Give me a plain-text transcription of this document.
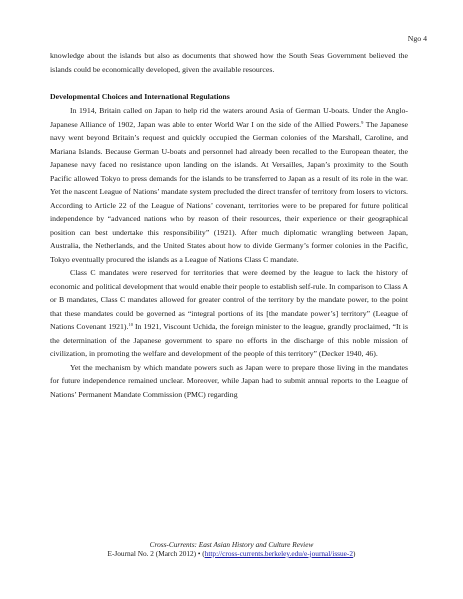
Ngo 4

knowledge about the islands but also as documents that showed how the South Seas Government believed the islands could be economically developed, given the available resources.

Developmental Choices and International Regulations

In 1914, Britain called on Japan to help rid the waters around Asia of German U-boats. Under the Anglo-Japanese Alliance of 1902, Japan was able to enter World War I on the side of the Allied Powers.$^9$ The Japanese navy went beyond Britain’s request and quickly occupied the German colonies of the Marshall, Caroline, and Mariana Islands. Because German U-boats and personnel had already been recalled to the European theater, the Japanese navy faced no resistance upon landing on the islands. At Versailles, Japan’s proximity to the South Pacific allowed Tokyo to press demands for the islands to be transferred to Japan as a result of its role in the war. Yet the nascent League of Nations’ mandate system precluded the direct transfer of territory from losers to victors. According to Article 22 of the League of Nations’ covenant, territories were to be prepared for future political independence by “advanced nations who by reason of their resources, their experience or their geographical position can best undertake this responsibility” (1921). After much diplomatic wrangling between Japan, Australia, the Netherlands, and the United States about how to divide Germany’s former colonies in the Pacific, Tokyo eventually procured the islands as a League of Nations Class C mandate.

Class C mandates were reserved for territories that were deemed by the league to lack the history of economic and political development that would enable their people to establish self-rule. In comparison to Class A or B mandates, Class C mandates allowed for greater control of the territory by the mandate power, to the point that these mandates could be governed as “integral portions of its [the mandate power’s] territory” (League of Nations Covenant 1921).$^{10}$ In 1921, Viscount Uchida, the foreign minister to the league, grandly proclaimed, “It is the determination of the Japanese government to spare no efforts in the discharge of this noble mission of civilization, in promoting the welfare and development of the people of this territory” (Decker 1940, 46).

Yet the mechanism by which mandate powers such as Japan were to prepare those living in the mandates for future independence remained unclear. Moreover, while Japan had to submit annual reports to the League of Nations’ Permanent Mandate Commission (PMC) regarding

Cross-Currents: East Asian History and Culture Review
E-Journal No. 2 (March 2012) • (http://cross-currents.berkeley.edu/e-journal/issue-2)
